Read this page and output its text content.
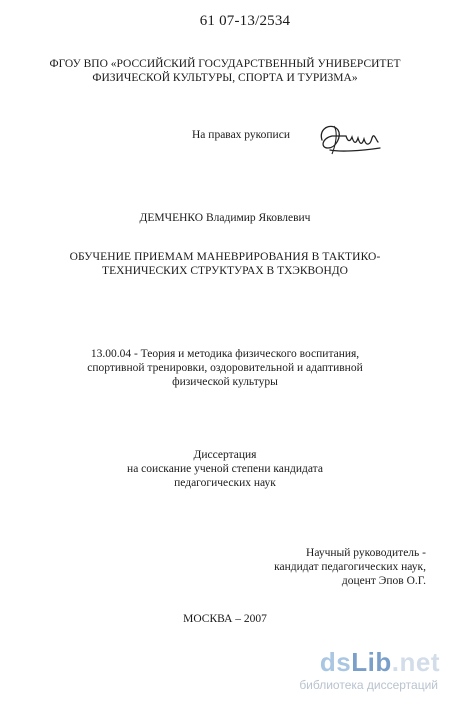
61 07-13/2534
ФГОУ ВПО «РОССИЙСКИЙ ГОСУДАРСТВЕННЫЙ УНИВЕРСИТЕТ
ФИЗИЧЕСКОЙ КУЛЬТУРЫ, СПОРТА И ТУРИЗМА»
На правах рукописи
ДЕМЧЕНКО Владимир Яковлевич
ОБУЧЕНИЕ ПРИЕМАМ МАНЕВРИРОВАНИЯ В ТАКТИКО-
ТЕХНИЧЕСКИХ СТРУКТУРАХ В ТХЭКВОНДО
13.00.04 - Теория и методика физического воспитания,
спортивной тренировки, оздоровительной и адаптивной
физической культуры
Диссертация
на соискание ученой степени кандидата
педагогических наук
Научный руководитель -
кандидат педагогических наук,
доцент Эпов О.Г.
МОСКВА – 2007
dsLib.net
библиотека диссертаций
